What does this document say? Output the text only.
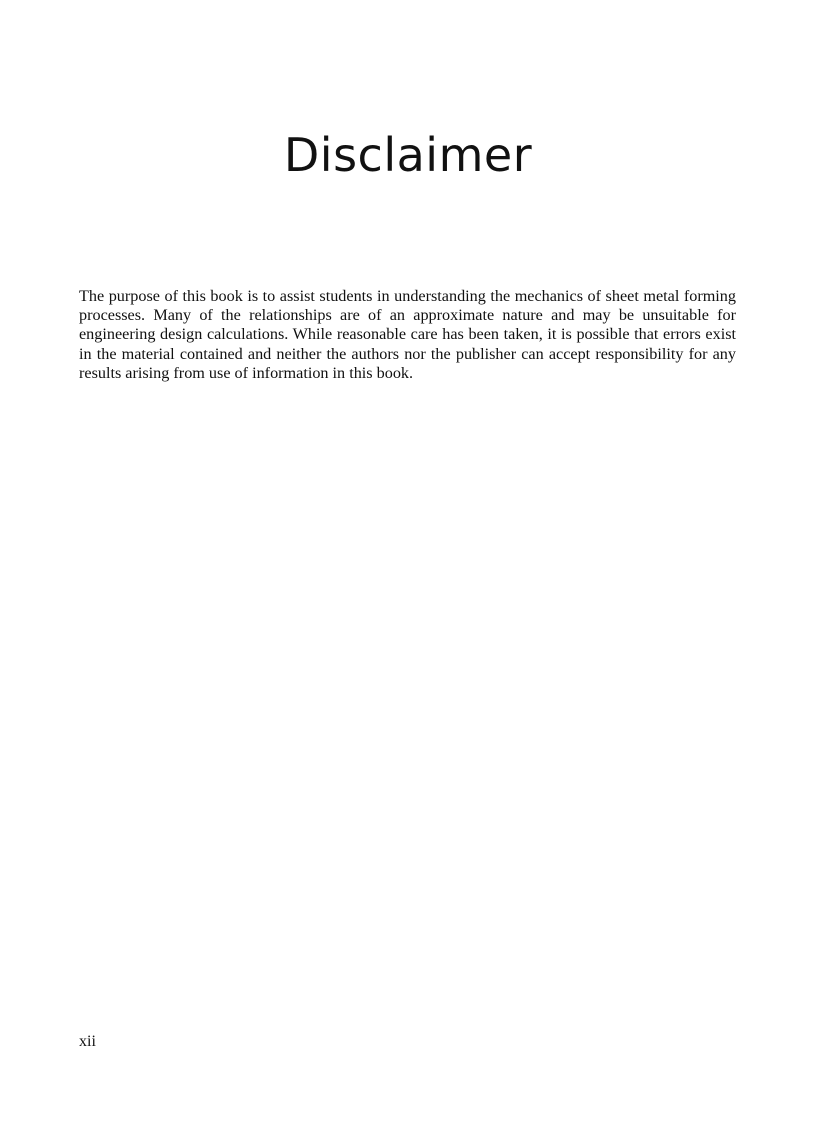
Disclaimer

The purpose of this book is to assist students in understanding the mechanics of sheet metal forming processes. Many of the relationships are of an approximate nature and may be unsuitable for engineering design calculations. While reasonable care has been taken, it is possible that errors exist in the material contained and neither the authors nor the publisher can accept responsibility for any results arising from use of information in this book.

xii
